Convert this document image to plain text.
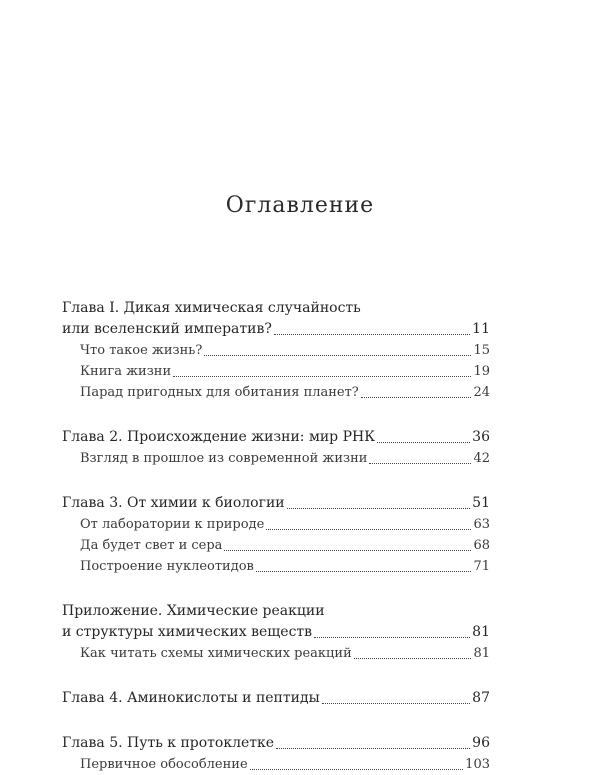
Оглавление
Глава I. Дикая химическая случайность
или вселенский императив?	11
Что такое жизнь?	15
Книга жизни	19
Парад пригодных для обитания планет?	24
Глава 2. Происхождение жизни: мир РНК	36
Взгляд в прошлое из современной жизни	42
Глава 3. От химии к биологии	51
От лаборатории к природе	63
Да будет свет и сера	68
Построение нуклеотидов	71
Приложение. Химические реакции
и структуры химических веществ	81
Как читать схемы химических реакций	81
Глава 4. Аминокислоты и пептиды	87
Глава 5. Путь к протоклетке	96
Первичное обособление	103
